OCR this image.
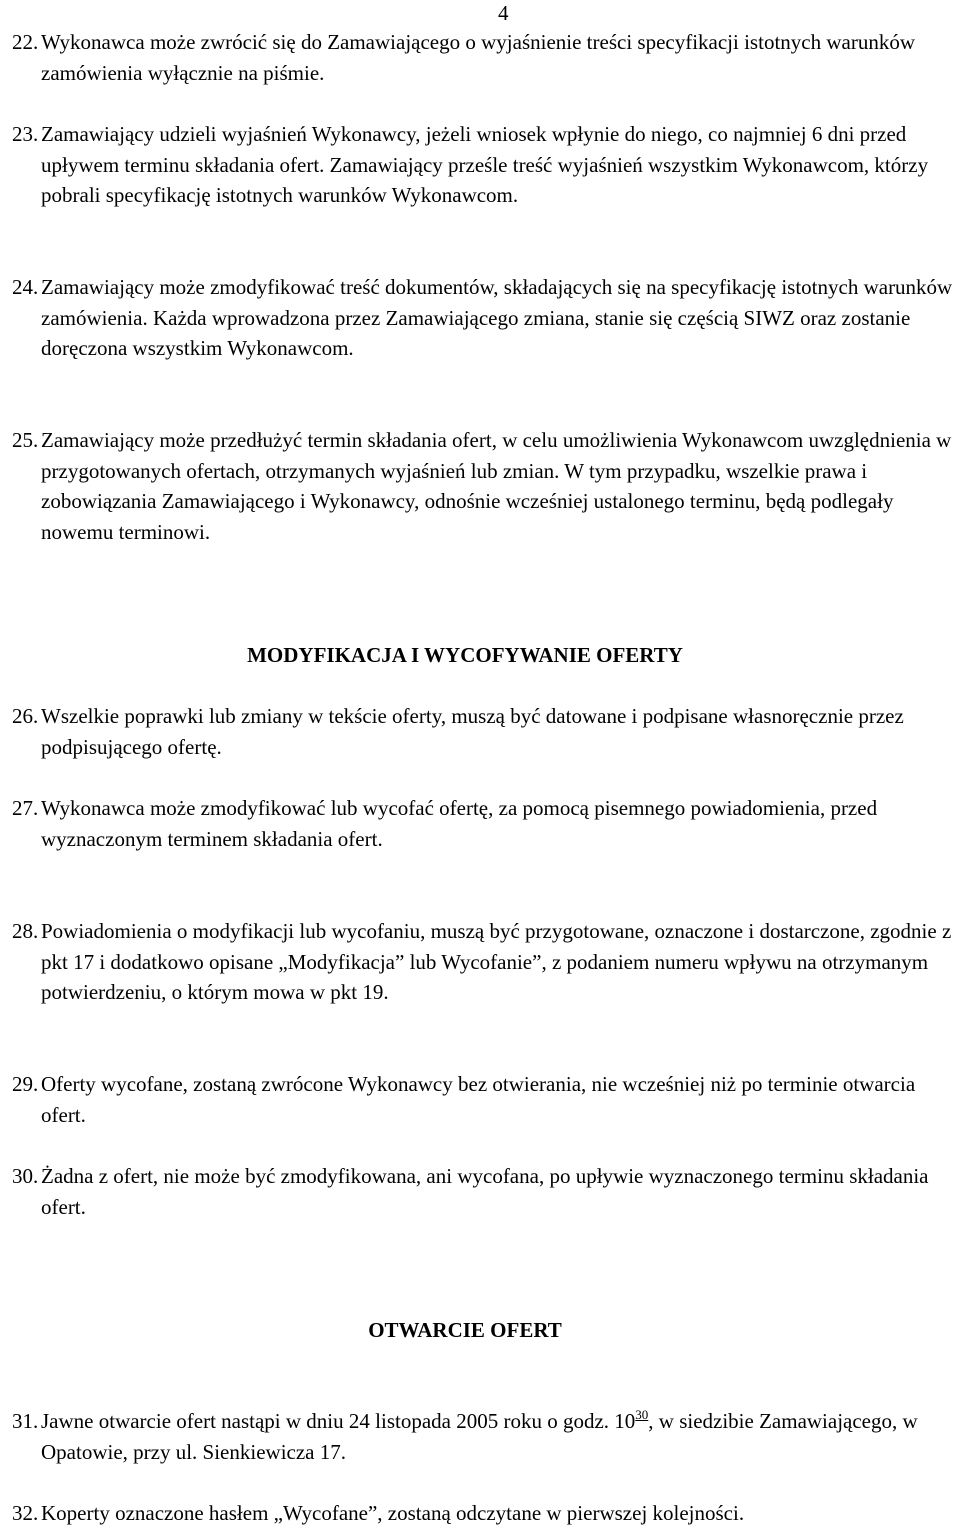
4
22. Wykonawca może zwrócić się do Zamawiającego o wyjaśnienie treści specyfikacji istotnych warunków zamówienia wyłącznie na piśmie.
23. Zamawiający udzieli wyjaśnień Wykonawcy, jeżeli wniosek wpłynie do niego, co najmniej 6 dni przed upływem terminu składania ofert. Zamawiający prześle treść wyjaśnień wszystkim Wykonawcom, którzy pobrali specyfikację istotnych warunków Wykonawcom.
24. Zamawiający może zmodyfikować treść dokumentów, składających się na specyfikację istotnych warunków zamówienia. Każda wprowadzona przez Zamawiającego zmiana, stanie się częścią SIWZ oraz zostanie doręczona wszystkim Wykonawcom.
25. Zamawiający może przedłużyć termin składania ofert, w celu umożliwienia Wykonawcom uwzględnienia w przygotowanych ofertach, otrzymanych wyjaśnień lub zmian. W tym przypadku, wszelkie prawa i zobowiązania Zamawiającego i Wykonawcy, odnośnie wcześniej ustalonego terminu, będą podlegały nowemu terminowi.
MODYFIKACJA I WYCOFYWANIE OFERTY
26. Wszelkie poprawki lub zmiany w tekście oferty, muszą być datowane i podpisane własnoręcznie przez podpisującego ofertę.
27. Wykonawca może zmodyfikować lub wycofać ofertę, za pomocą pisemnego powiadomienia, przed wyznaczonym terminem składania ofert.
28. Powiadomienia o modyfikacji lub wycofaniu, muszą być przygotowane, oznaczone i dostarczone, zgodnie z pkt 17 i dodatkowo opisane „Modyfikacja” lub Wycofanie”, z podaniem numeru wpływu na otrzymanym potwierdzeniu, o którym mowa w pkt 19.
29. Oferty wycofane, zostaną zwrócone Wykonawcy bez otwierania, nie wcześniej niż po terminie otwarcia ofert.
30. Żadna z ofert, nie może być zmodyfikowana, ani wycofana, po upływie wyznaczonego terminu składania ofert.
OTWARCIE OFERT
31. Jawne otwarcie ofert nastąpi w dniu 24 listopada 2005 roku o godz. $10^{30}$, w siedzibie Zamawiającego, w Opatowie, przy ul. Sienkiewicza 17.
32. Koperty oznaczone hasłem „Wycofane”, zostaną odczytane w pierwszej kolejności.
